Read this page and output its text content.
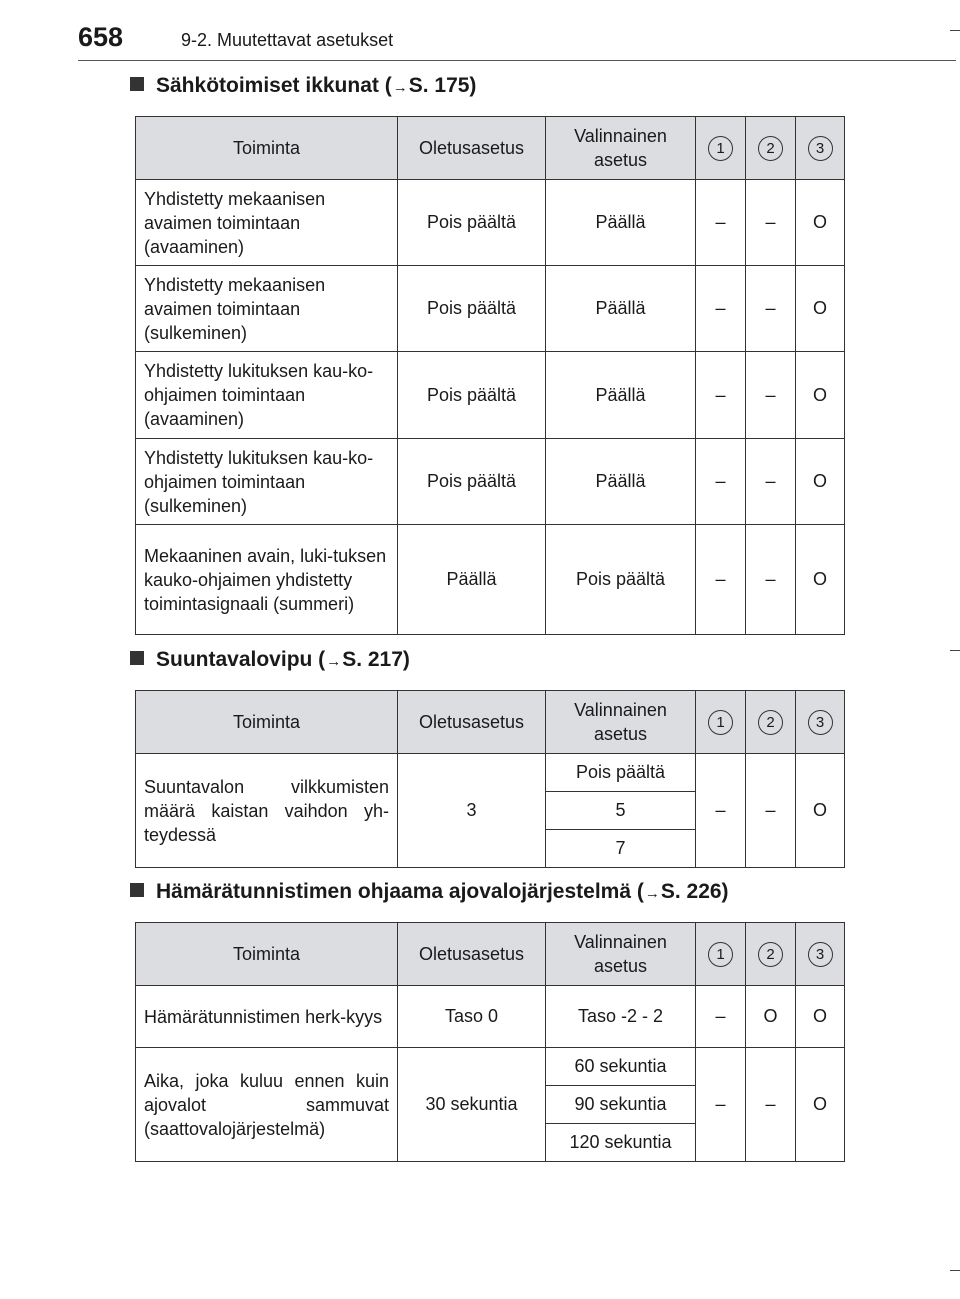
658	9-2. Muutettavat asetukset
Sähkötoimiset ikkunat (→S. 175)
Toiminta	Oletusasetus	Valinnainen asetus	1	2	3
Yhdistetty mekaanisen avaimen toimintaan (avaaminen)	Pois päältä	Päällä	–	–	O
Yhdistetty mekaanisen avaimen toimintaan (sulkeminen)	Pois päältä	Päällä	–	–	O
Yhdistetty lukituksen kau-ko-ohjaimen toimintaan (avaaminen)	Pois päältä	Päällä	–	–	O
Yhdistetty lukituksen kau-ko-ohjaimen toimintaan (sulkeminen)	Pois päältä	Päällä	–	–	O
Mekaaninen avain, luki-tuksen kauko-ohjaimen yhdistetty toimintasignaali (summeri)	Päällä	Pois päältä	–	–	O
Suuntavalovipu (→S. 217)
Toiminta	Oletusasetus	Valinnainen asetus	1	2	3
Suuntavalon vilkkumisten määrä kaistan vaihdon yh-teydessä	3	Pois päältä	–	–	O
		5			
		7			
Hämärätunnistimen ohjaama ajovalojärjestelmä (→S. 226)
Toiminta	Oletusasetus	Valinnainen asetus	1	2	3
Hämärätunnistimen herk-kyys	Taso 0	Taso -2 - 2	–	O	O
Aika, joka kuluu ennen kuin ajovalot sammuvat (saattovalojärjestelmä)	30 sekuntia	60 sekuntia	–	–	O
		90 sekuntia			
		120 sekuntia			
